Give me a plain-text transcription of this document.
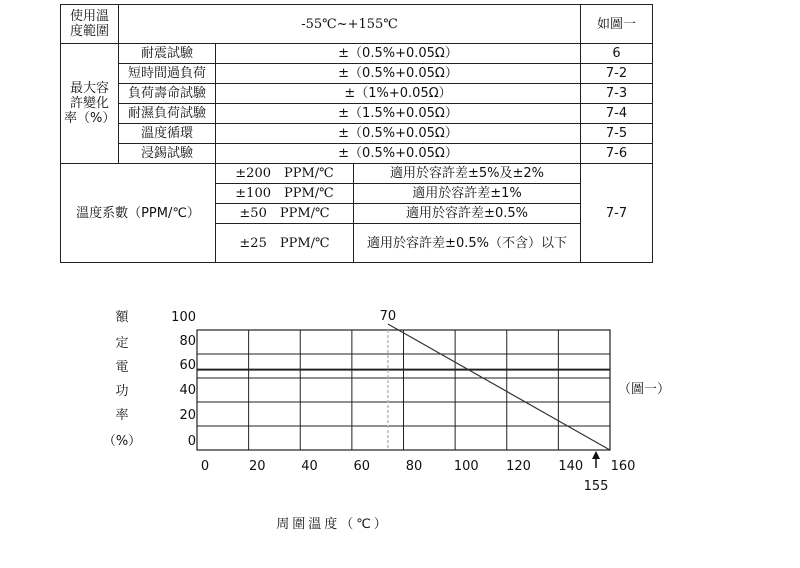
使用溫度範圍	-55℃~+155℃			如圖一
最大容許變化率（%）	耐震試驗	±（0.5%+0.05Ω）		6
	短時間過負荷	±（0.5%+0.05Ω）		7-2
	負荷壽命試驗	±（1%+0.05Ω）		7-3
	耐濕負荷試驗	±（1.5%+0.05Ω）		7-4
	溫度循環	±（0.5%+0.05Ω）		7-5
	浸錫試驗	±（0.5%+0.05Ω）		7-6
溫度系數（PPM/℃）		±200　PPM/℃	適用於容許差±5%及±2%	7-7
		±100　PPM/℃	適用於容許差±1%	
		±50　PPM/℃	適用於容許差±0.5%	
		±25　PPM/℃	適用於容許差±0.5%（不含）以下	
100
80
60
40
20
0
0	20	40	60	80 100 120 140 160
額
定
電
功
率
（%）
70
155
（圖一）
周圍溫度（℃）
